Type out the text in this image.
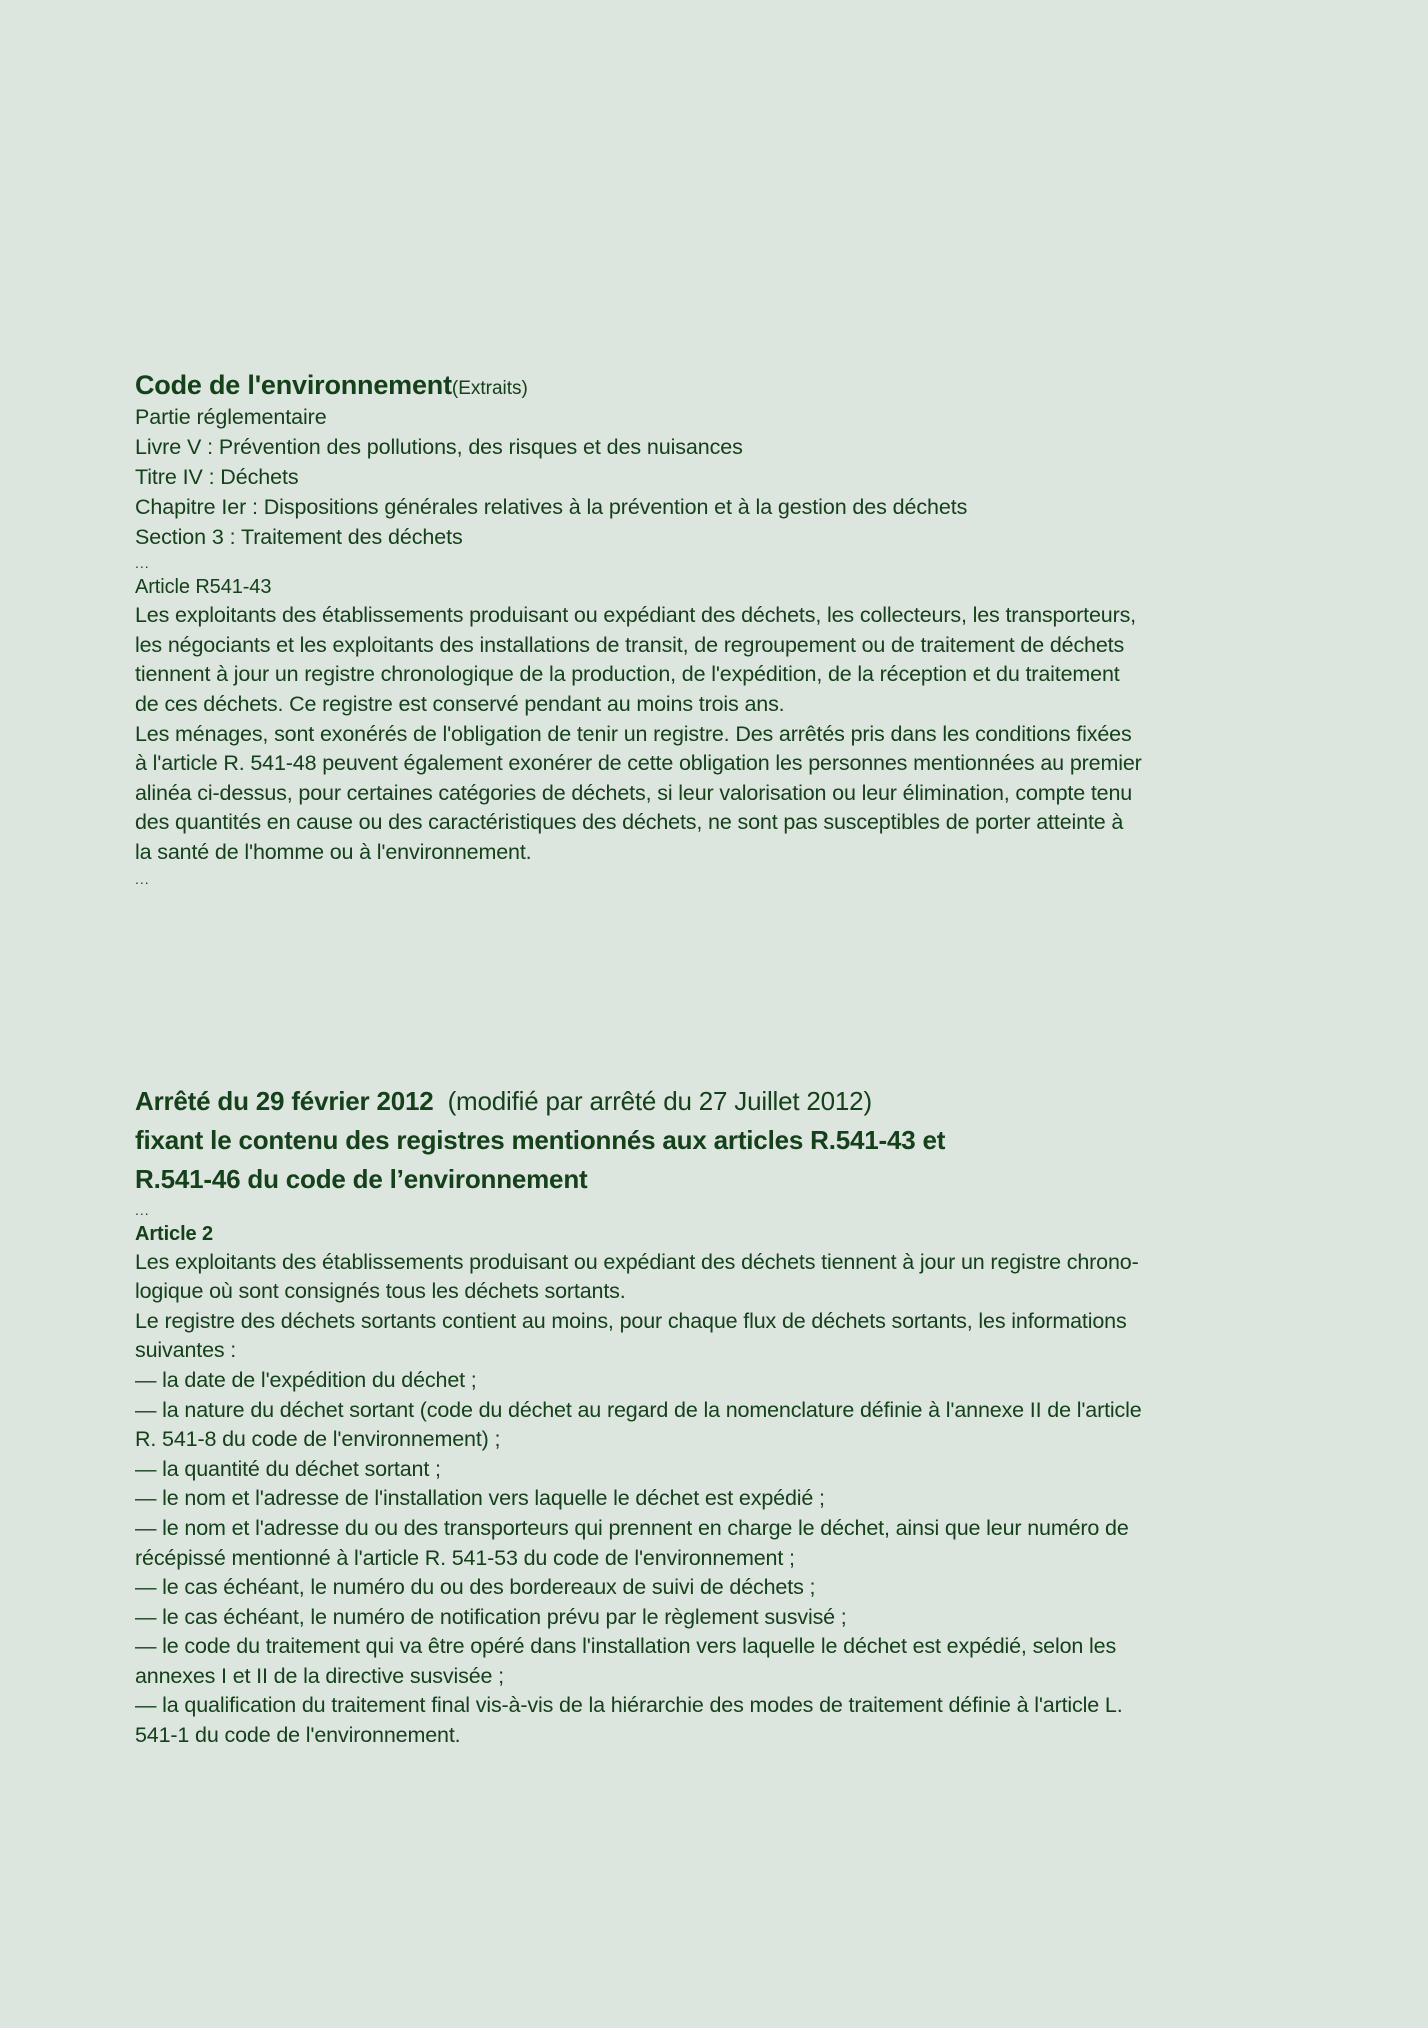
Code de l'environnement(Extraits)
Partie réglementaire
Livre V : Prévention des pollutions, des risques et des nuisances
Titre IV : Déchets
Chapitre Ier : Dispositions générales relatives à la prévention et à la gestion des déchets
Section 3 : Traitement des déchets
...
Article R541-43
Les exploitants des établissements produisant ou expédiant des déchets, les collecteurs, les transporteurs,
les négociants et les exploitants des installations de transit, de regroupement ou de traitement de déchets
tiennent à jour un registre chronologique de la production, de l'expédition, de la réception et du traitement
de ces déchets. Ce registre est conservé pendant au moins trois ans.
Les ménages, sont exonérés de l'obligation de tenir un registre. Des arrêtés pris dans les conditions fixées
à l'article R. 541-48 peuvent également exonérer de cette obligation les personnes mentionnées au premier
alinéa ci-dessus, pour certaines catégories de déchets, si leur valorisation ou leur élimination, compte tenu
des quantités en cause ou des caractéristiques des déchets, ne sont pas susceptibles de porter atteinte à
la santé de l'homme ou à l'environnement.
...
Arrêté du 29 février 2012 (modifié par arrêté du 27 Juillet 2012)
fixant le contenu des registres mentionnés aux articles R.541-43 et
R.541-46 du code de l’environnement
...
Article 2
Les exploitants des établissements produisant ou expédiant des déchets tiennent à jour un registre chrono-
logique où sont consignés tous les déchets sortants.
Le registre des déchets sortants contient au moins, pour chaque flux de déchets sortants, les informations
suivantes :
— la date de l'expédition du déchet ;
— la nature du déchet sortant (code du déchet au regard de la nomenclature définie à l'annexe II de l'article
R. 541-8 du code de l'environnement) ;
— la quantité du déchet sortant ;
— le nom et l'adresse de l'installation vers laquelle le déchet est expédié ;
— le nom et l'adresse du ou des transporteurs qui prennent en charge le déchet, ainsi que leur numéro de
récépissé mentionné à l'article R. 541-53 du code de l'environnement ;
— le cas échéant, le numéro du ou des bordereaux de suivi de déchets ;
— le cas échéant, le numéro de notification prévu par le règlement susvisé ;
— le code du traitement qui va être opéré dans l'installation vers laquelle le déchet est expédié, selon les
annexes I et II de la directive susvisée ;
— la qualification du traitement final vis-à-vis de la hiérarchie des modes de traitement définie à l'article L.
541-1 du code de l'environnement.
